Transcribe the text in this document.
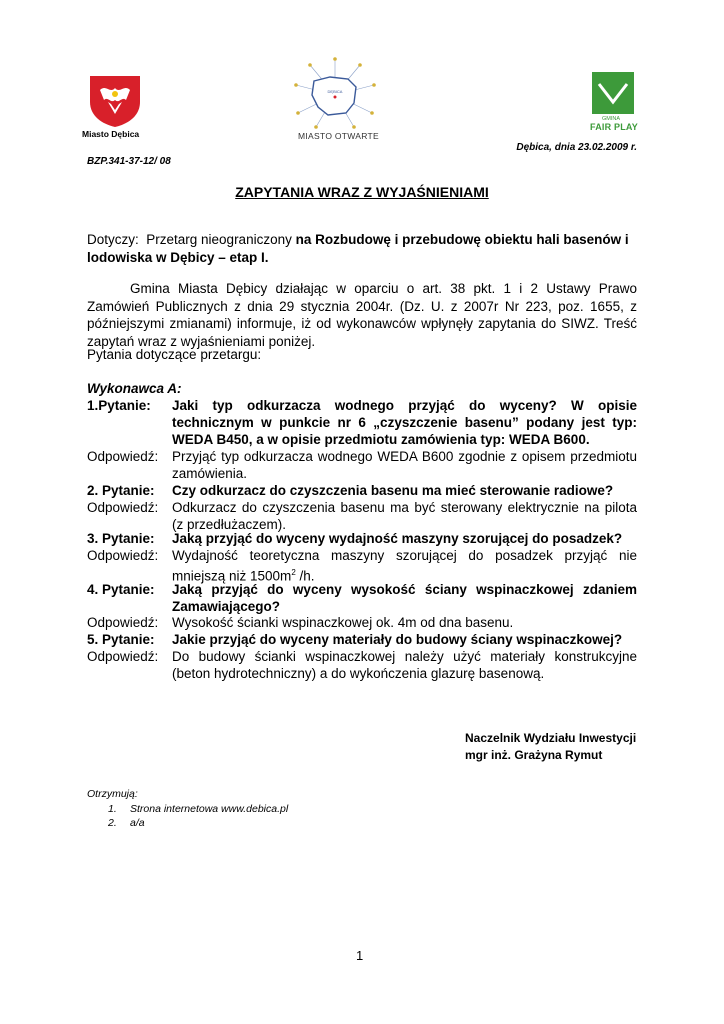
Miasto Dębica
DĘBICA
MIASTO OTWARTE
GMINA
FAIR PLAY
Dębica, dnia 23.02.2009 r.
BZP.341-37-12/ 08
ZAPYTANIA WRAZ Z WYJAŚNIENIAMI
Dotyczy:  Przetarg nieograniczony na Rozbudowę i przebudowę obiektu hali basenów i lodowiska w Dębicy – etap I.
Gmina Miasta Dębicy działając w oparciu o art. 38 pkt. 1 i 2 Ustawy Prawo Zamówień Publicznych z dnia 29 stycznia 2004r. (Dz. U. z 2007r Nr 223, poz. 1655, z późniejszymi zmianami) informuje, iż od wykonawców wpłynęły zapytania do SIWZ. Treść zapytań wraz z wyjaśnieniami poniżej.
Pytania dotyczące przetargu:
Wykonawca A:
1.Pytanie:	Jaki typ odkurzacza wodnego przyjąć do wyceny? W opisie technicznym w punkcie nr 6 „czyszczenie basenu” podany jest typ: WEDA B450, a w opisie przedmiotu zamówienia typ: WEDA B600.
Odpowiedź:	Przyjąć typ odkurzacza wodnego WEDA B600 zgodnie z opisem przedmiotu zamówienia.
2. Pytanie:	Czy odkurzacz do czyszczenia basenu ma mieć sterowanie radiowe?
Odpowiedź:	Odkurzacz do czyszczenia basenu ma być sterowany elektrycznie na pilota (z przedłużaczem).
3. Pytanie:	Jaką przyjąć do wyceny wydajność maszyny szorującej do posadzek?
Odpowiedź:	Wydajność teoretyczna maszyny szorującej do posadzek przyjąć nie mniejszą niż $1500m^2$ /h.
4. Pytanie:	Jaką przyjąć do wyceny wysokość ściany wspinaczkowej zdaniem Zamawiającego?
Odpowiedź:	Wysokość ścianki wspinaczkowej ok. 4m od dna basenu.
5. Pytanie:	Jakie przyjąć do wyceny materiały do budowy ściany wspinaczkowej?
Odpowiedź:	Do budowy ścianki wspinaczkowej należy użyć materiały konstrukcyjne (beton hydrotechniczny) a do wykończenia glazurę basenową.
Naczelnik Wydziału Inwestycji
mgr inż. Grażyna Rymut
Otrzymują:
1. Strona internetowa www.debica.pl
2. a/a
1
